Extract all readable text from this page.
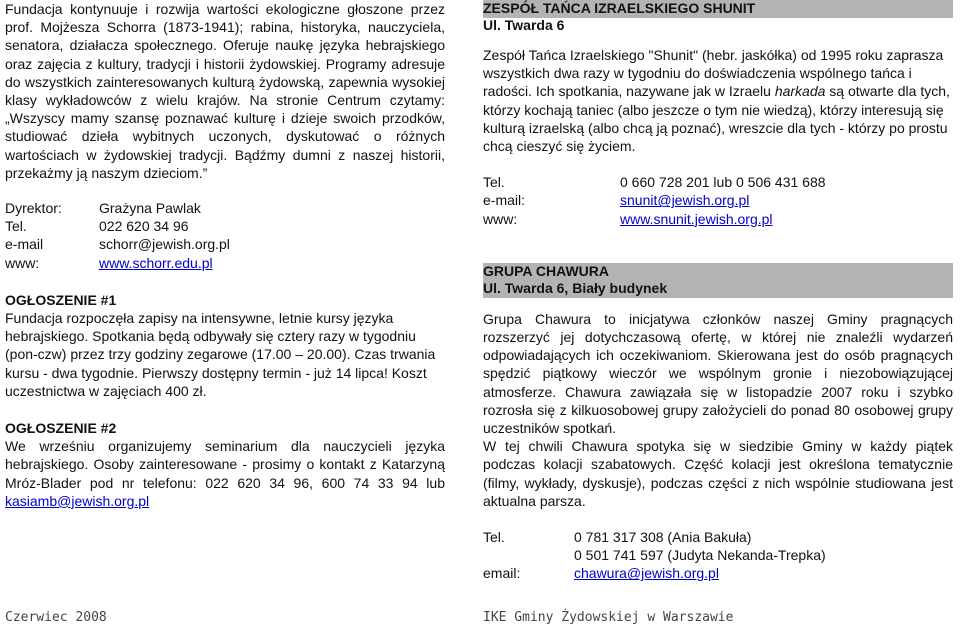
Fundacja kontynuuje i rozwija wartości ekologiczne głoszone przez prof. Mojżesza Schorra (1873-1941); rabina, historyka, nauczyciela, senatora, działacza społecznego. Oferuje naukę języka hebrajskiego oraz zajęcia z kultury, tradycji i historii żydowskiej. Programy adresuje do wszystkich zainteresowanych kulturą żydowską, zapewnia wysokiej klasy wykładowców z wielu krajów. Na stronie Centrum czytamy: „Wszyscy mamy szansę poznawać kulturę i dzieje swoich przodków, studiować dzieła wybitnych uczonych, dyskutować o różnych wartościach w żydowskiej tradycji. Bądźmy dumni z naszej historii, przekażmy ją naszym dzieciom.”

Dyrektor:	Grażyna Pawlak
Tel.	022 620 34 96
e-mail	schorr@jewish.org.pl
www:	www.schorr.edu.pl

OGŁOSZENIE #1

Fundacja rozpoczęła zapisy na intensywne, letnie kursy języka hebrajskiego. Spotkania będą odbywały się cztery razy w tygodniu (pon-czw) przez trzy godziny zegarowe (17.00 – 20.00). Czas trwania kursu - dwa tygodnie. Pierwszy dostępny termin - już 14 lipca! Koszt uczestnictwa w zajęciach 400 zł.

OGŁOSZENIE #2

We wrześniu organizujemy seminarium dla nauczycieli języka hebrajskiego. Osoby zainteresowane - prosimy o kontakt z Katarzyną Mróz-Blader pod nr telefonu: 022 620 34 96, 600 74 33 94 lub kasiamb@jewish.org.pl

ZESPÓŁ TAŃCA IZRAELSKIEGO SHUNIT
Ul. Twarda 6

Zespół Tańca Izraelskiego "Shunit" (hebr. jaskółka) od 1995 roku zaprasza wszystkich dwa razy w tygodniu do doświadczenia wspólnego tańca i radości. Ich spotkania, nazywane jak w Izraelu harkada są otwarte dla tych, którzy kochają taniec (albo jeszcze o tym nie wiedzą), którzy interesują się kulturą izraelską (albo chcą ją poznać), wreszcie dla tych - którzy po prostu chcą cieszyć się życiem.

Tel.	0 660 728 201 lub 0 506 431 688
e-mail:	snunit@jewish.org.pl
www:	www.snunit.jewish.org.pl
GRUPA CHAWURA
Ul. Twarda 6, Biały budynek

Grupa Chawura to inicjatywa członków naszej Gminy pragnących rozszerzyć jej dotychczasową ofertę, w której nie znaleźli wydarzeń odpowiadających ich oczekiwaniom. Skierowana jest do osób pragnących spędzić piątkowy wieczór we wspólnym gronie i niezobowiązującej atmosferze. Chawura zawiązała się w listopadzie 2007 roku i szybko rozrosła się z kilkuosobowej grupy założycieli do ponad 80 osobowej grupy uczestników spotkań.

W tej chwili Chawura spotyka się w siedzibie Gminy w każdy piątek podczas kolacji szabatowych. Część kolacji jest określona tematycznie (filmy, wykłady, dyskusje), podczas części z nich wspólnie studiowana jest aktualna parsza.

Tel.	0 781 317 308 (Ania Bakuła)
0 501 741 597 (Judyta Nekanda-Trepka)
email:	chawura@jewish.org.pl
Czerwiec 2008	IKE Gminy Żydowskiej w Warszawie
